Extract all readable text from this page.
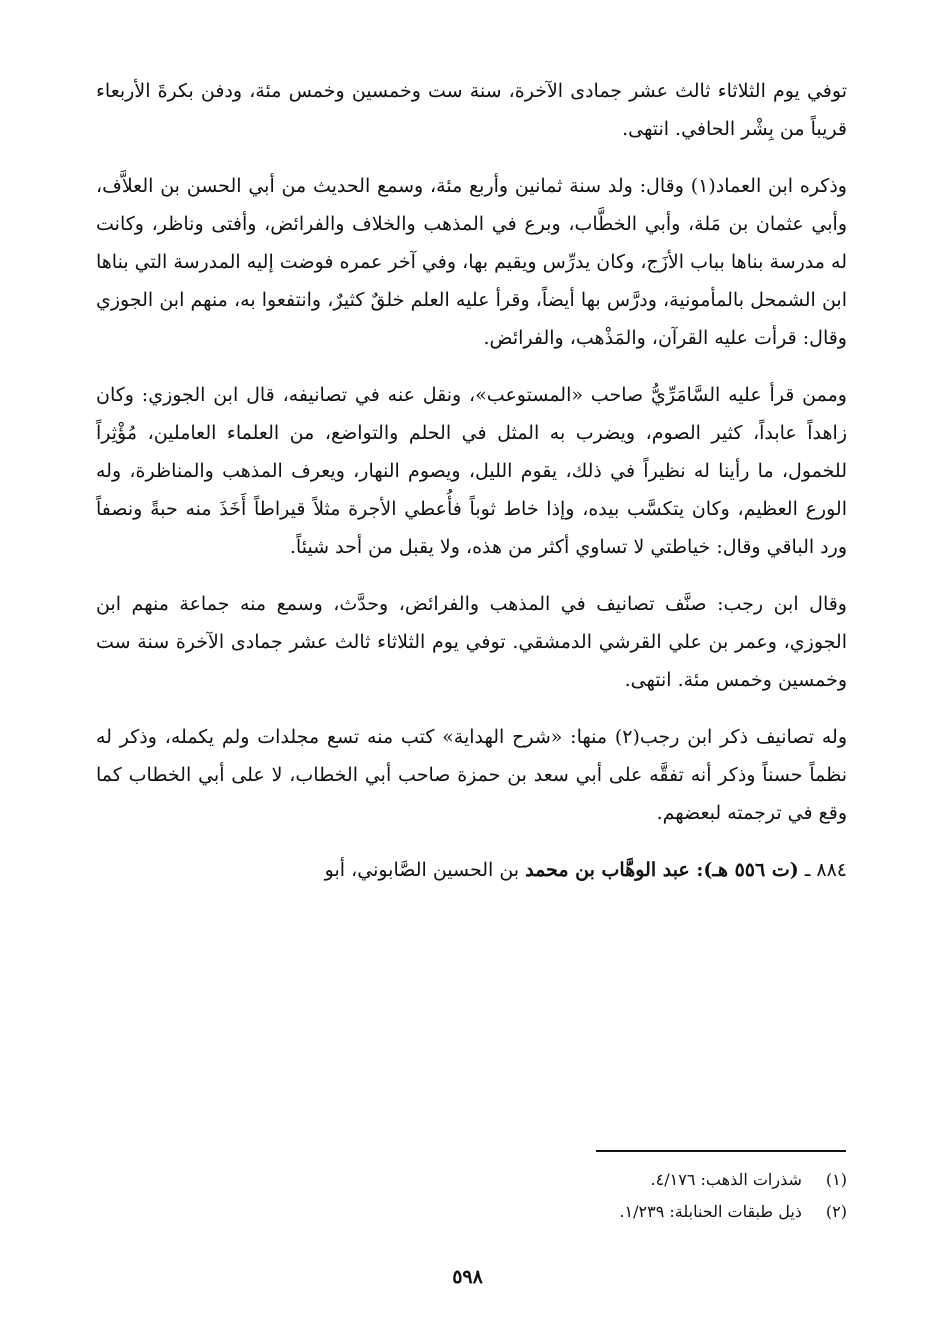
توفي يوم الثلاثاء ثالث عشر جمادى الآخرة، سنة ست وخمسين وخمس مئة، ودفن بكرةَ الأربعاء قريباً من بِشْر الحافي. انتهى.

وذكره ابن العماد(١) وقال: ولد سنة ثمانين وأربع مئة، وسمع الحديث من أبي الحسن بن العلاَّف، وأبي عثمان بن مَلة، وأبي الخطَّاب، وبرع في المذهب والخلاف والفرائض، وأفتى وناظر، وكانت له مدرسة بناها بباب الأزَج، وكان يدرِّس ويقيم بها، وفي آخر عمره فوضت إليه المدرسة التي بناها ابن الشمحل بالمأمونية، ودرَّس بها أيضاً، وقرأ عليه العلم خلقٌ كثيرٌ، وانتفعوا به، منهم ابن الجوزي وقال: قرأت عليه القرآن، والمَذْهب، والفرائض.

وممن قرأ عليه السَّامَرِّيُّ صاحب «المستوعب»، ونقل عنه في تصانيفه، قال ابن الجوزي: وكان زاهداً عابداً، كثير الصوم، ويضرب به المثل في الحلم والتواضع، من العلماء العاملين، مُؤْثِراً للخمول، ما رأينا له نظيراً في ذلك، يقوم الليل، ويصوم النهار، ويعرف المذهب والمناظرة، وله الورع العظيم، وكان يتكسَّب بيده، وإذا خاط ثوباً فأُعطي الأجرة مثلاً قيراطاً أَخَذَ منه حبةً ونصفاً ورد الباقي وقال: خياطتي لا تساوي أكثر من هذه، ولا يقبل من أحد شيئاً.

وقال ابن رجب: صنَّف تصانيف في المذهب والفرائض، وحدَّث، وسمع منه جماعة منهم ابن الجوزي، وعمر بن علي القرشي الدمشقي. توفي يوم الثلاثاء ثالث عشر جمادى الآخرة سنة ست وخمسين وخمس مئة. انتهى.

وله تصانيف ذكر ابن رجب(٢) منها: «شرح الهداية» كتب منه تسع مجلدات ولم يكمله، وذكر له نظماً حسناً وذكر أنه تفقَّه على أبي سعد بن حمزة صاحب أبي الخطاب، لا على أبي الخطاب كما وقع في ترجمته لبعضهم.

٨٨٤ ـ (ت ٥٥٦ هـ): عبد الوهَّاب بن محمد بن الحسين الصَّابوني، أبو

(١) شذرات الذهب: ٤/١٧٦.
(٢) ذيل طبقات الحنابلة: ١/٢٣٩.
٥٩٨
